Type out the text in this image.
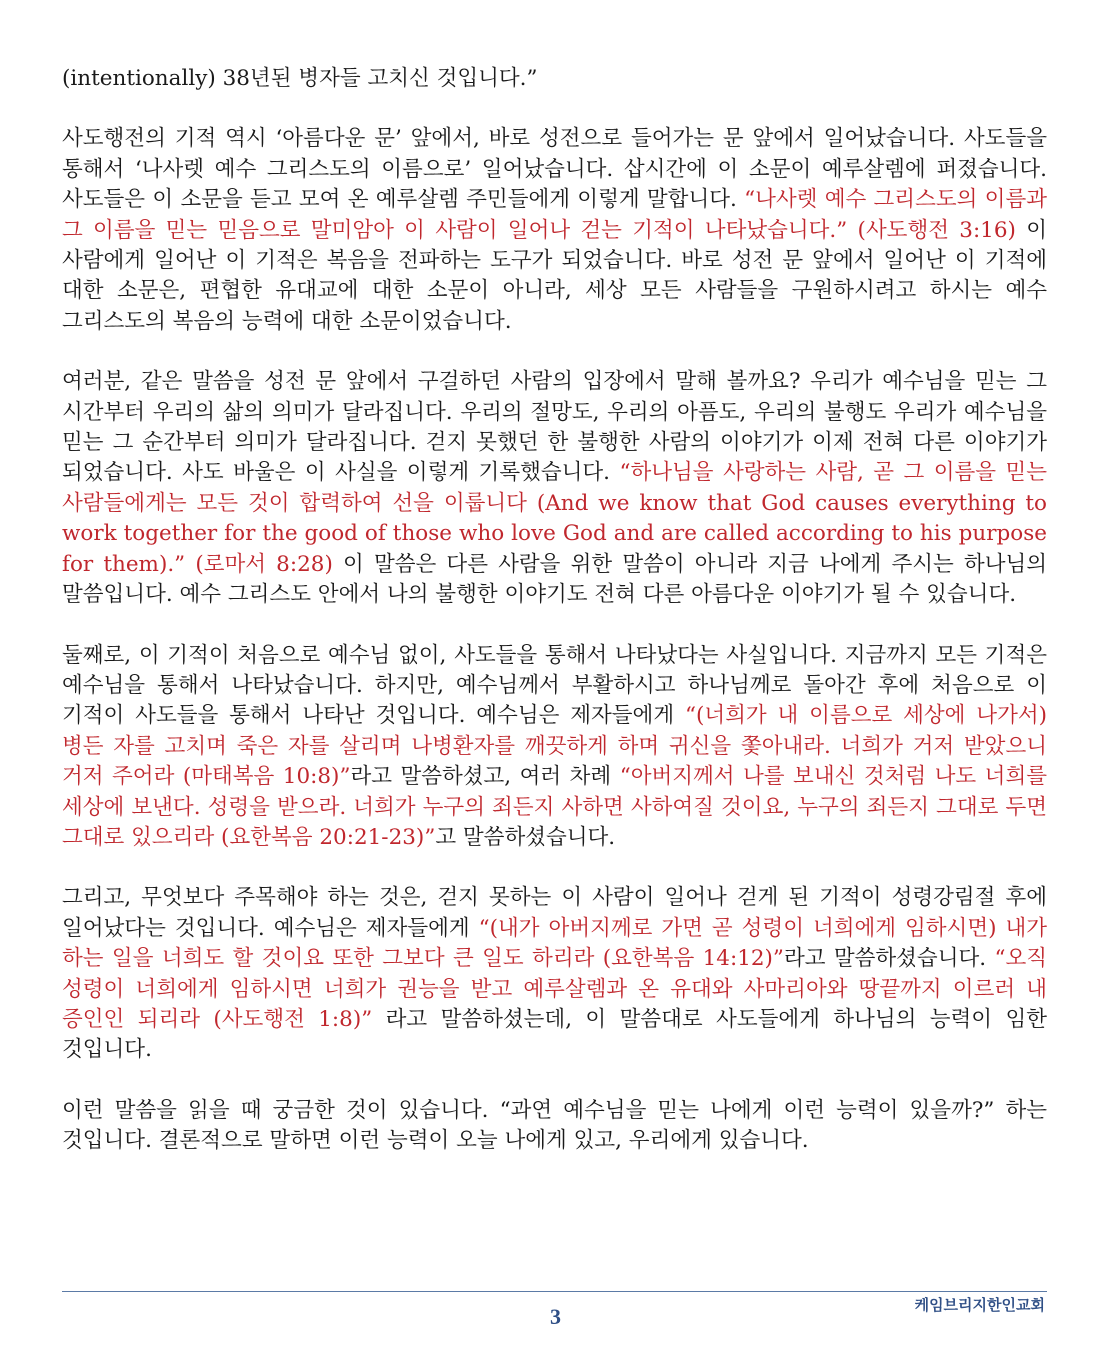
(intentionally) 38년된 병자들 고치신 것입니다.”

사도행전의 기적 역시 ‘아름다운 문’ 앞에서, 바로 성전으로 들어가는 문 앞에서 일어났습니다. 사도들을 통해서 ‘나사렛 예수 그리스도의 이름으로’ 일어났습니다. 삽시간에 이 소문이 예루살렘에 퍼졌습니다. 사도들은 이 소문을 듣고 모여 온 예루살렘 주민들에게 이렇게 말합니다. “나사렛 예수 그리스도의 이름과 그 이름을 믿는 믿음으로 말미암아 이 사람이 일어나 걷는 기적이 나타났습니다.” (사도행전 3:16) 이 사람에게 일어난 이 기적은 복음을 전파하는 도구가 되었습니다. 바로 성전 문 앞에서 일어난 이 기적에 대한 소문은, 편협한 유대교에 대한 소문이 아니라, 세상 모든 사람들을 구원하시려고 하시는 예수 그리스도의 복음의 능력에 대한 소문이었습니다.

여러분, 같은 말씀을 성전 문 앞에서 구걸하던 사람의 입장에서 말해 볼까요? 우리가 예수님을 믿는 그 시간부터 우리의 삶의 의미가 달라집니다. 우리의 절망도, 우리의 아픔도, 우리의 불행도 우리가 예수님을 믿는 그 순간부터 의미가 달라집니다. 걷지 못했던 한 불행한 사람의 이야기가 이제 전혀 다른 이야기가 되었습니다. 사도 바울은 이 사실을 이렇게 기록했습니다. “하나님을 사랑하는 사람, 곧 그 이름을 믿는 사람들에게는 모든 것이 합력하여 선을 이룹니다 (And we know that God causes everything to work together for the good of those who love God and are called according to his purpose for them).” (로마서 8:28) 이 말씀은 다른 사람을 위한 말씀이 아니라 지금 나에게 주시는 하나님의 말씀입니다. 예수 그리스도 안에서 나의 불행한 이야기도 전혀 다른 아름다운 이야기가 될 수 있습니다.

둘째로, 이 기적이 처음으로 예수님 없이, 사도들을 통해서 나타났다는 사실입니다. 지금까지 모든 기적은 예수님을 통해서 나타났습니다. 하지만, 예수님께서 부활하시고 하나님께로 돌아간 후에 처음으로 이 기적이 사도들을 통해서 나타난 것입니다. 예수님은 제자들에게 “(너희가 내 이름으로 세상에 나가서) 병든 자를 고치며 죽은 자를 살리며 나병환자를 깨끗하게 하며 귀신을 쫓아내라. 너희가 거저 받았으니 거저 주어라 (마태복음 10:8)”라고 말씀하셨고, 여러 차례 “아버지께서 나를 보내신 것처럼 나도 너희를 세상에 보낸다. 성령을 받으라. 너희가 누구의 죄든지 사하면 사하여질 것이요, 누구의 죄든지 그대로 두면 그대로 있으리라 (요한복음 20:21-23)”고 말씀하셨습니다.

그리고, 무엇보다 주목해야 하는 것은, 걷지 못하는 이 사람이 일어나 걷게 된 기적이 성령강림절 후에 일어났다는 것입니다. 예수님은 제자들에게 “(내가 아버지께로 가면 곧 성령이 너희에게 임하시면) 내가 하는 일을 너희도 할 것이요 또한 그보다 큰 일도 하리라 (요한복음 14:12)”라고 말씀하셨습니다. “오직 성령이 너희에게 임하시면 너희가 권능을 받고 예루살렘과 온 유대와 사마리아와 땅끝까지 이르러 내 증인인 되리라 (사도행전 1:8)” 라고 말씀하셨는데, 이 말씀대로 사도들에게 하나님의 능력이 임한 것입니다.

이런 말씀을 읽을 때 궁금한 것이 있습니다. “과연 예수님을 믿는 나에게 이런 능력이 있을까?” 하는 것입니다. 결론적으로 말하면 이런 능력이 오늘 나에게 있고, 우리에게 있습니다.

케임브리지한인교회
3
